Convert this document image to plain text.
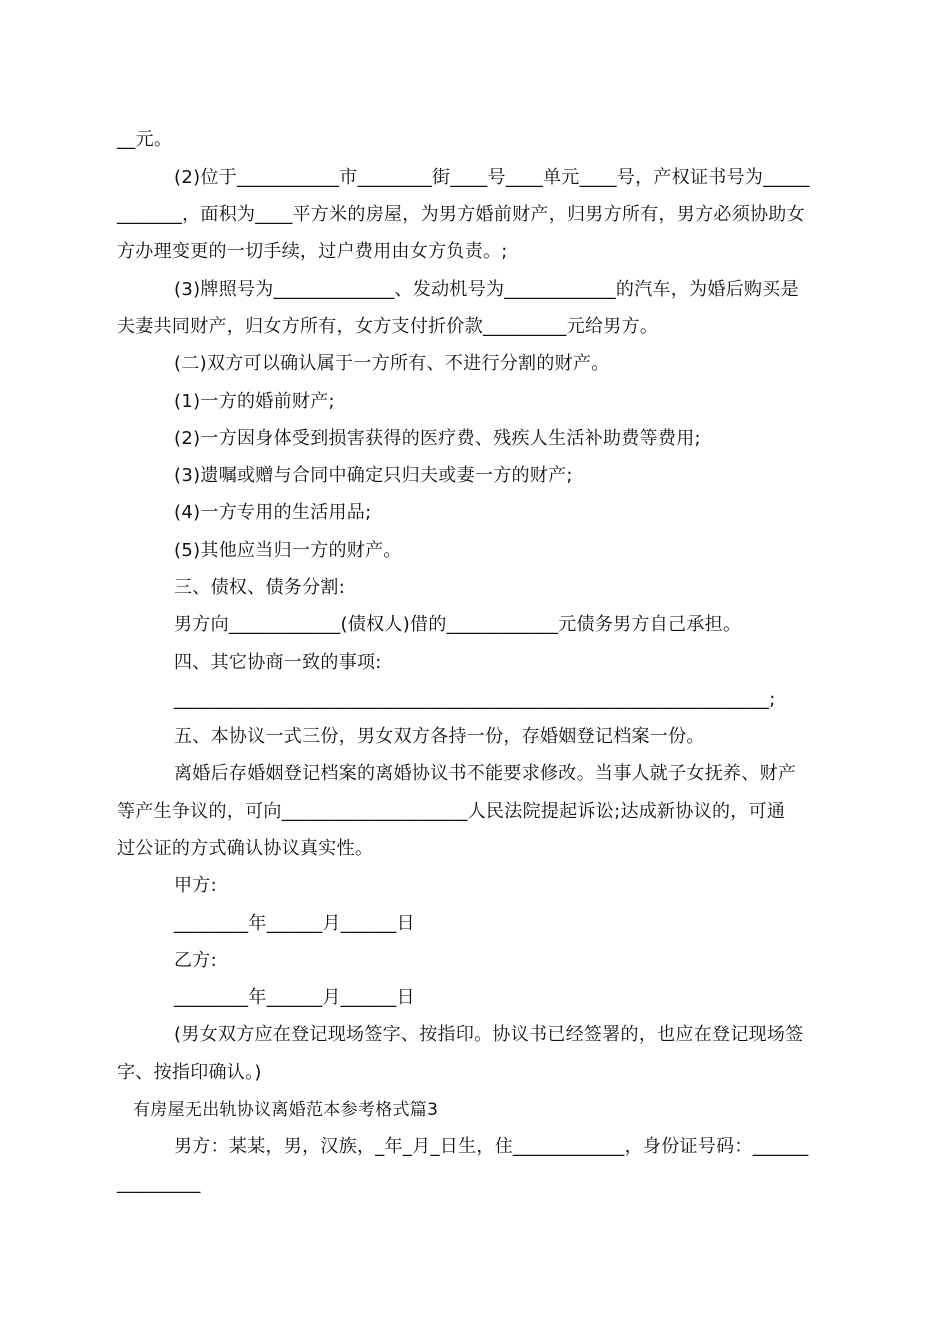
__元。
(2)位于___________市________街____号____单元____号，产权证书号为_____
_______，面积为____平方米的房屋，为男方婚前财产，归男方所有，男方必须协助女
方办理变更的一切手续，过户费用由女方负责。;
(3)牌照号为_____________、发动机号为____________的汽车，为婚后购买是
夫妻共同财产，归女方所有，女方支付折价款_________元给男方。
(二)双方可以确认属于一方所有、不进行分割的财产。
(1)一方的婚前财产;
(2)一方因身体受到损害获得的医疗费、残疾人生活补助费等费用;
(3)遗嘱或赠与合同中确定只归夫或妻一方的财产;
(4)一方专用的生活用品;
(5)其他应当归一方的财产。
三、债权、债务分割:
男方向____________(债权人)借的____________元债务男方自己承担。
四、其它协商一致的事项:
________________________________________________________________;
五、本协议一式三份，男女双方各持一份，存婚姻登记档案一份。
离婚后存婚姻登记档案的离婚协议书不能要求修改。当事人就子女抚养、财产
等产生争议的，可向____________________人民法院提起诉讼;达成新协议的，可通
过公证的方式确认协议真实性。
甲方:
________年______月______日
乙方:
________年______月______日
(男女双方应在登记现场签字、按指印。协议书已经签署的，也应在登记现场签
字、按指印确认。)
有房屋无出轨协议离婚范本参考格式篇3
男方：某某，男，汉族，_年_月_日生，住____________，身份证号码：______
_________
